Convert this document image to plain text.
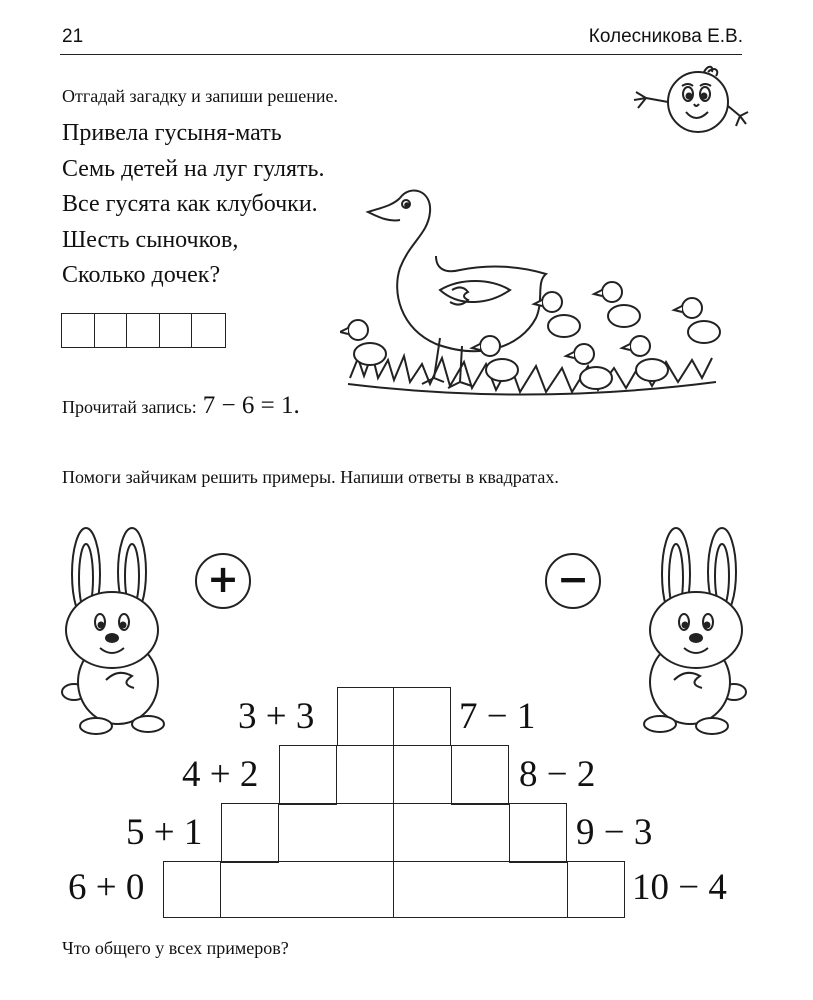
21	Колесникова Е.В.
Отгадай загадку и запиши решение.
Привела гусыня-мать
Семь детей на луг гулять.
Все гусята как клубочки.
Шесть сыночков,
Сколько дочек?
Прочитай запись: 7 − 6 = 1.
Помоги зайчикам решить примеры. Напиши ответы в квадратах.
+	−
3 + 3
4 + 2
5 + 1
6 + 0
7 − 1
8 − 2
9 − 3
10 − 4
Что общего у всех примеров?
